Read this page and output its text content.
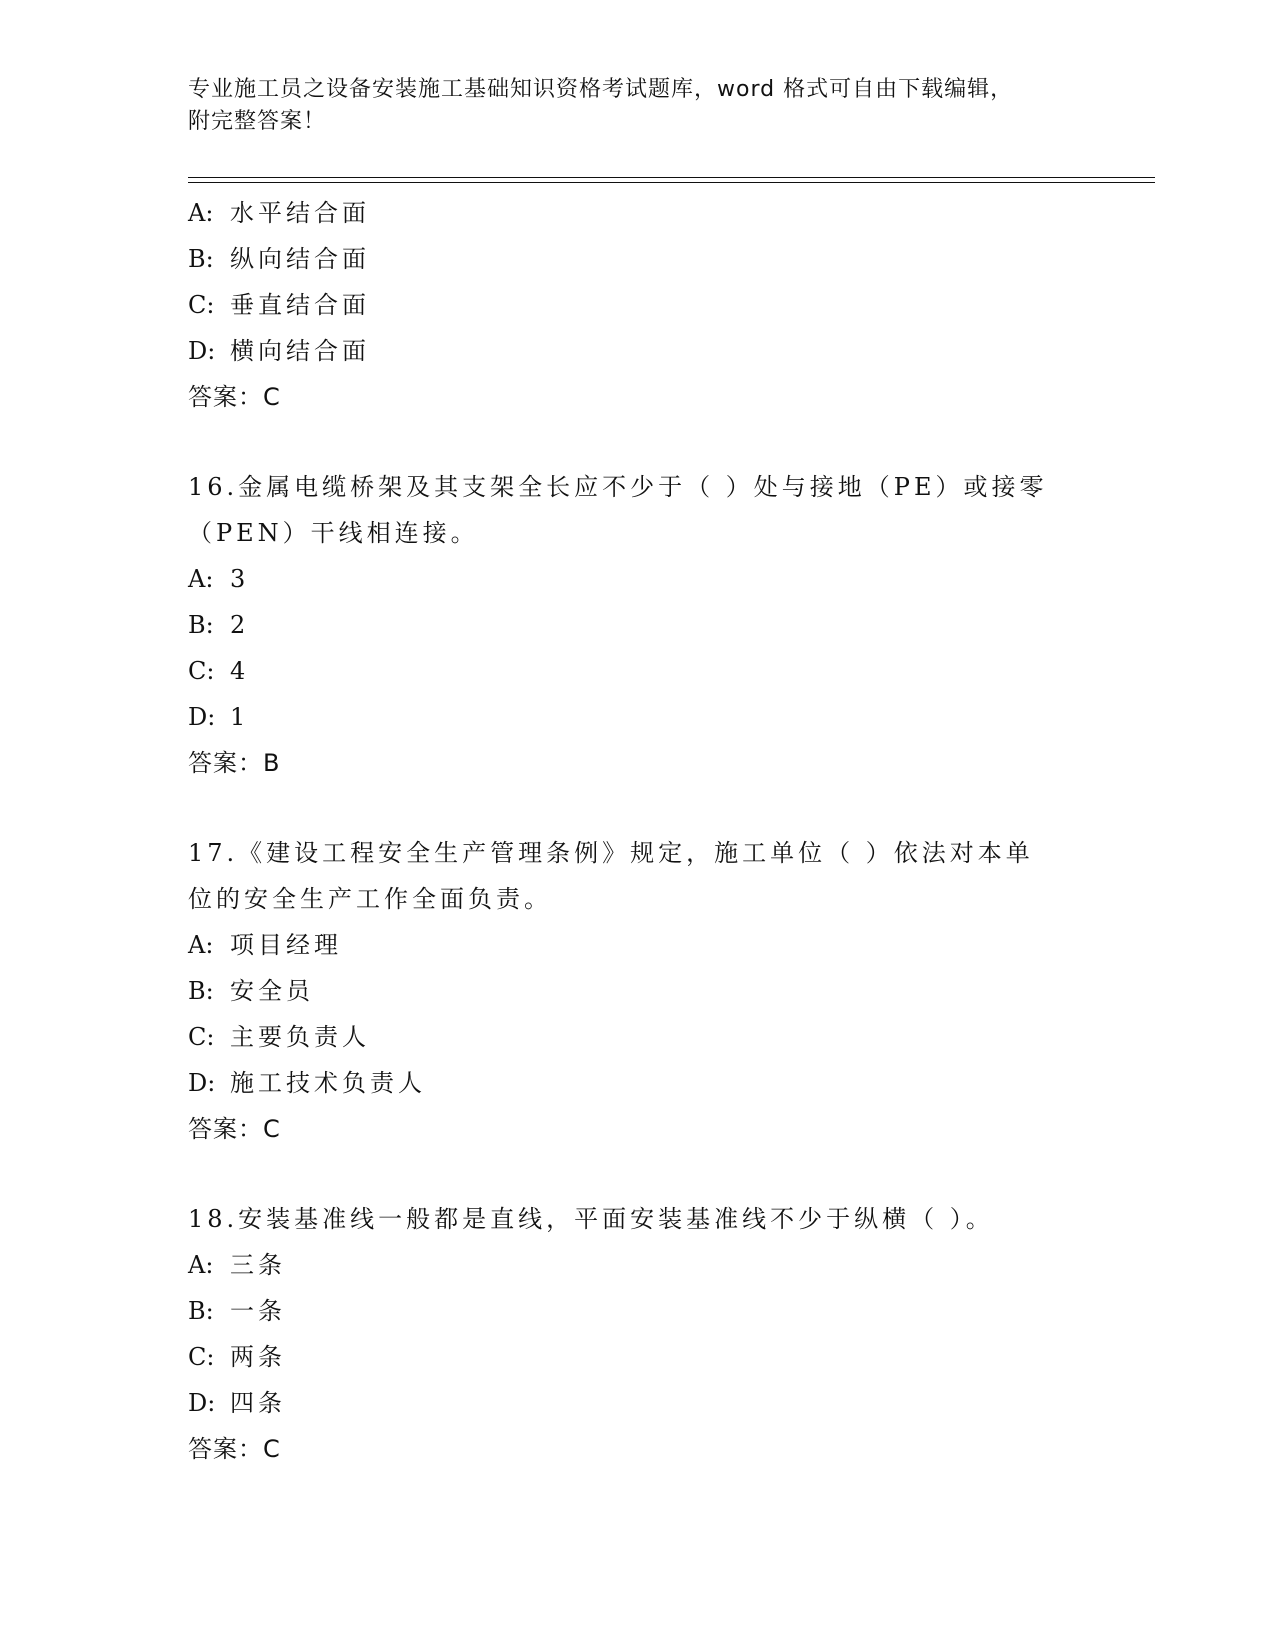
专业施工员之设备安装施工基础知识资格考试题库，word 格式可自由下载编辑，
附完整答案！
A: 水平结合面
B: 纵向结合面
C: 垂直结合面
D: 横向结合面
答案：C
16.金属电缆桥架及其支架全长应不少于（ ）处与接地（PE）或接零
（PEN）干线相连接。
A: 3
B: 2
C: 4
D: 1
答案：B
17.《建设工程安全生产管理条例》规定，施工单位（ ）依法对本单
位的安全生产工作全面负责。
A: 项目经理
B: 安全员
C: 主要负责人
D: 施工技术负责人
答案：C
18.安装基准线一般都是直线，平面安装基准线不少于纵横（ ）。
A: 三条
B: 一条
C: 两条
D: 四条
答案：C
